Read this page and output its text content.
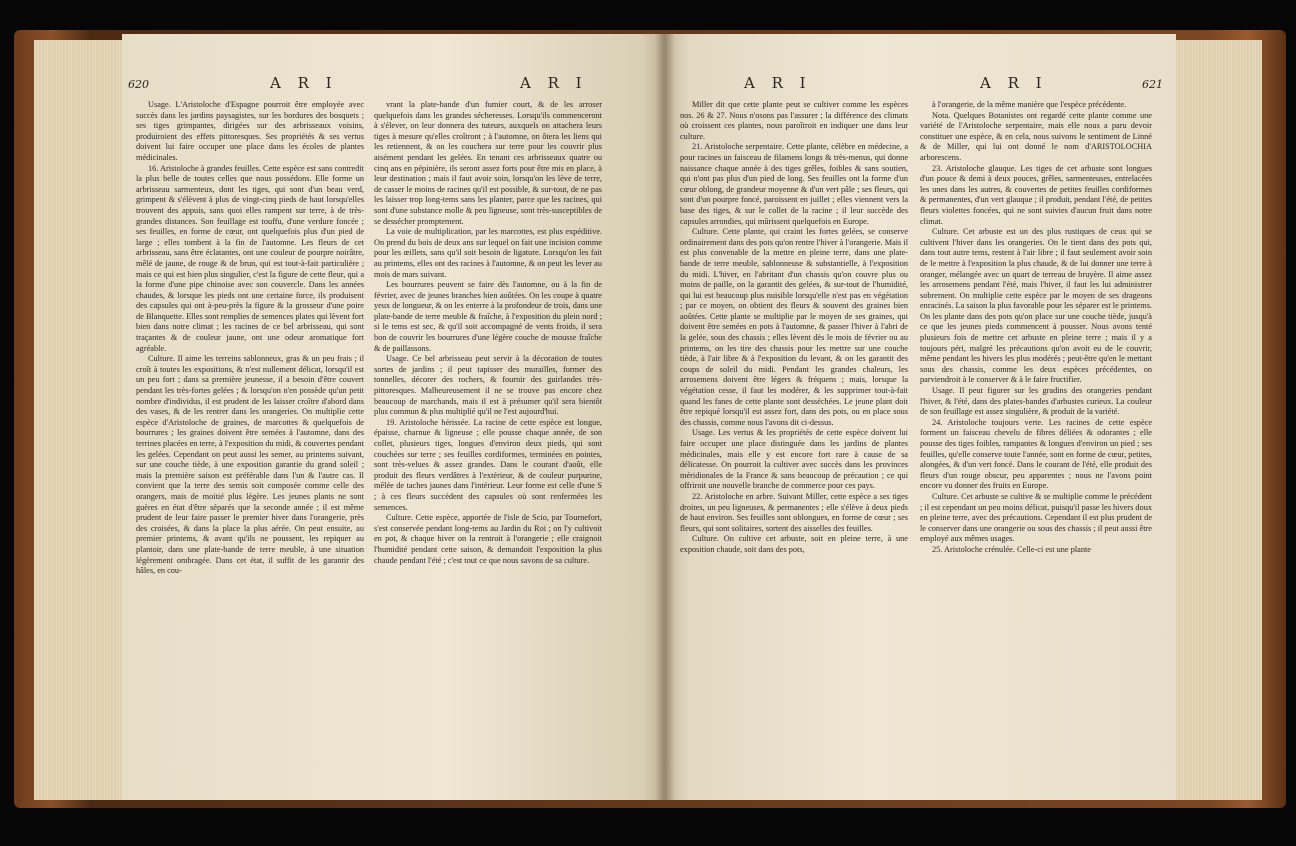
620	A R I	A R I

Usage. L'Aristoloche d'Espagne pourroit être employée avec succès dans les jardins paysagistes, sur les bordures des bosquets ; ses tiges grimpantes, dirigées sur des arbrisseaux voisins, produiroient des effets pittoresques. Ses propriétés & ses vertus doivent lui faire occuper une place dans les écoles de plantes médicinales.

16. Aristoloche à grandes feuilles. Cette espèce est sans contredit la plus belle de toutes celles que nous possédons. Elle forme un arbrisseau sarmenteux, dont les tiges, qui sont d'un beau verd, grimpent & s'élèvent à plus de vingt-cinq pieds de haut lorsqu'elles trouvent des appuis, sans quoi elles rampent sur terre, à de très-grandes distances. Son feuillage est touffu, d'une verdure foncée ; ses feuilles, en forme de cœur, ont quelquefois plus d'un pied de large ; elles tombent à la fin de l'automne. Les fleurs de cet arbrisseau, sans être éclatantes, ont une couleur de pourpre noirâtre, mêlé de jaune, de rouge & de brun, qui est tout-à-fait particulière ; mais ce qui est bien plus singulier, c'est la figure de cette fleur, qui a la forme d'une pipe chinoise avec son couvercle. Dans les années chaudes, & lorsque les pieds ont une certaine force, ils produisent des capsules qui ont à-peu-près la figure & la grosseur d'une poire de Blanquette. Elles sont remplies de semences plates qui lèvent fort bien dans notre climat ; les racines de ce bel arbrisseau, qui sont traçantes & de couleur jaune, ont une odeur aromatique fort agréable.

Culture. Il aime les terreins sablonneux, gras & un peu frais ; il croît à toutes les expositions, & n'est nullement délicat, lorsqu'il est un peu fort ; dans sa première jeunesse, il a besoin d'être couvert pendant les très-fortes gelées ; & lorsqu'on n'en possède qu'un petit nombre d'individus, il est prudent de les laisser croître d'abord dans des vases, & de les rentrer dans les orangeries. On multiplie cette espèce d'Aristoloche de graines, de marcottes & quelquefois de bourrures ; les graines doivent être semées à l'automne, dans des terrines placées en terre, à l'exposition du midi, & couvertes pendant les gelées. Cependant on peut aussi les semer, au printems suivant, sur une couche tiède, à une exposition garantie du grand soleil ; mais la première saison est préférable dans l'un & l'autre cas. Il convient que la terre des semis soit composée comme celle des orangers, mais de moitié plus légère. Les jeunes plants ne sont guères en état d'être séparés que la seconde année ; il est même prudent de leur faire passer le premier hiver dans l'orangerie, près des croisées, & dans la place la plus aérée. On peut ensuite, au premier printems, & avant qu'ils ne poussent, les repiquer au plantoir, dans une plate-bande de terre meuble, à une situation légèrement ombragée. Dans cet état, il suffit de les garantir des hâles, en cou-

vrant la plate-bande d'un fumier court, & de les arroser quelquefois dans les grandes sécheresses. Lorsqu'ils commenceront à s'élever, on leur donnera des tuteurs, auxquels on attachera leurs tiges à mesure qu'elles croîtront ; à l'automne, on ôtera les liens qui les retiennent, & on les couchera sur terre pour les couvrir plus aisément pendant les gelées. En tenant ces arbrisseaux quatre ou cinq ans en pépinière, ils seront assez forts pour être mis en place, à leur destination ; mais il faut avoir soin, lorsqu'on les lève de terre, de casser le moins de racines qu'il est possible, & sur-tout, de ne pas les laisser trop long-tems sans les planter, parce que les racines, qui sont d'une substance molle & peu ligneuse, sont très-susceptibles de se dessécher promptement.

La voie de multiplication, par les marcottes, est plus expéditive. On prend du bois de deux ans sur lequel on fait une incision comme pour les œillets, sans qu'il soit besoin de ligature. Lorsqu'on les fait au printems, elles ont des racines à l'automne, & on peut les lever au mois de mars suivant.

Les bourrures peuvent se faire dès l'automne, ou à la fin de février, avec de jeunes branches bien aoûtées. On les coupe à quatre yeux de longueur, & on les enterre à la profondeur de trois, dans une plate-bande de terre meuble & fraîche, à l'exposition du plein nord ; si le tems est sec, & qu'il soit accompagné de vents froids, il sera bon de couvrir les bourrures d'une légère couche de mousse fraîche & de paillassons.

Usage. Ce bel arbrisseau peut servir à la décoration de toutes sortes de jardins ; il peut tapisser des murailles, former des tonnelles, décorer des rochers, & fournir des guirlandes très-pittoresques. Malheureusement il ne se trouve pas encore chez beaucoup de marchands, mais il est à présumer qu'il sera bientôt plus commun & plus multiplié qu'il ne l'est aujourd'hui.

19. Aristoloche hérissée. La racine de cette espèce est longue, épaisse, charnue & ligneuse ; elle pousse chaque année, de son collet, plusieurs tiges, longues d'environ deux pieds, qui sont couchées sur terre ; ses feuilles cordiformes, terminées en pointes, sont très-velues & assez grandes. Dans le courant d'août, elle produit des fleurs verdâtres à l'extérieur, & de couleur purpurine, mêlée de taches jaunes dans l'intérieur. Leur forme est celle d'une S ; à ces fleurs succèdent des capsules où sont renfermées les semences.

Culture. Cette espèce, apportée de l'isle de Scio, par Tournefort, s'est conservée pendant long-tems au Jardin du Roi ; on l'y cultivoit en pot, & chaque hiver on la rentroit à l'orangerie ; elle craignoit l'humidité pendant cette saison, & demandoit l'exposition la plus chaude pendant l'été ; c'est tout ce que nous savons de sa culture.

A R I	A R I	621

Miller dit que cette plante peut se cultiver comme les espèces nos. 26 & 27. Nous n'osons pas l'assurer ; la différence des climats où croissent ces plantes, nous paroîtroit en indiquer une dans leur culture.

21. Aristoloche serpentaire. Cette plante, célèbre en médecine, a pour racines un faisceau de filamens longs & très-menus, qui donne naissance chaque année à des tiges grêles, foibles & sans soutien, qui n'ont pas plus d'un pied de long. Ses feuilles ont la forme d'un cœur oblong, de grandeur moyenne & d'un vert pâle ; ses fleurs, qui sont d'un pourpre foncé, paroissent en juillet ; elles viennent vers la base des tiges, & sur le collet de la racine ; il leur succède des capsules arrondies, qui mûrissent quelquefois en Europe.

Culture. Cette plante, qui craint les fortes gelées, se conserve ordinairement dans des pots qu'on rentre l'hiver à l'orangerie. Mais il est plus convenable de la mettre en pleine terre, dans une plate-bande de terre meuble, sablonneuse & substantielle, à l'exposition du midi. L'hiver, en l'abritant d'un chassis qu'on couvre plus ou moins de paille, on la garantit des gelées, & sur-tout de l'humidité, qui lui est beaucoup plus nuisible lorsqu'elle n'est pas en végétation ; par ce moyen, on obtient des fleurs & souvent des graines bien aoûtées. Cette plante se multiplie par le moyen de ses graines, qui doivent être semées en pots à l'automne, & passer l'hiver à l'abri de la gelée, sous des chassis ; elles lèvent dès le mois de février ou au printems, on les tire des chassis pour les mettre sur une couche tiède, à l'air libre & à l'exposition du levant, & on les garantit des coups de soleil du midi. Pendant les grandes chaleurs, les arrosemens doivent être légers & fréquens ; mais, lorsque la végétation cesse, il faut les modérer, & les supprimer tout-à-fait quand les fanes de cette plante sont desséchées. Le jeune plant doit être repiqué lorsqu'il est assez fort, dans des pots, ou en place sous des chassis, comme nous l'avons dit ci-dessus.

Usage. Les vertus & les propriétés de cette espèce doivent lui faire occuper une place distinguée dans les jardins de plantes médicinales, mais elle y est encore fort rare à cause de sa délicatesse. On pourroit la cultiver avec succès dans les provinces méridionales de la France & sans beaucoup de précaution ; ce qui offriroit une nouvelle branche de commerce pour ces pays.

22. Aristoloche en arbre. Suivant Miller, cette espèce a ses tiges droites, un peu ligneuses, & permanentes ; elle s'élève à deux pieds de haut environ. Ses feuilles sont oblongues, en forme de cœur ; ses fleurs, qui sont solitaires, sortent des aisselles des feuilles.

Culture. On cultive cet arbuste, soit en pleine terre, à une exposition chaude, soit dans des pots,

à l'orangerie, de la même manière que l'espèce précédente.

Nota. Quelques Botanistes ont regardé cette plante comme une variété de l'Aristoloche serpentaire, mais elle nous a paru devoir constituer une espèce, & en cela, nous suivons le sentiment de Linné & de Miller, qui lui ont donné le nom d'ARISTOLOCHIA arborescens.

23. Aristoloche glauque. Les tiges de cet arbuste sont longues d'un pouce & demi à deux pouces, grêles, sarmenteuses, entrelacées les unes dans les autres, & couvertes de petites feuilles cordiformes & permanentes, d'un vert glauque ; il produit, pendant l'été, de petites fleurs violettes foncées, qui ne sont suivies d'aucun fruit dans notre climat.

Culture. Cet arbuste est un des plus rustiques de ceux qui se cultivent l'hiver dans les orangeries. On le tient dans des pots qui, dans tout autre tems, restent à l'air libre ; il faut seulement avoir soin de le mettre à l'exposition la plus chaude, & de lui donner une terre à oranger, mélangée avec un quart de terreau de bruyère. Il aime assez les arrosemens pendant l'été, mais l'hiver, il faut les lui administrer sobrement. On multiplie cette espèce par le moyen de ses drageons enracinés. La saison la plus favorable pour les séparer est le printems. On les plante dans des pots qu'on place sur une couche tiède, jusqu'à ce que les jeunes pieds commencent à pousser. Nous avons tenté plusieurs fois de mettre cet arbuste en pleine terre ; mais il y a toujours péri, malgré les précautions qu'on avoit eu de le couvrir, même pendant les hivers les plus modérés ; peut-être qu'en le mettant sous des chassis, comme les deux espèces précédentes, on parviendroit à le conserver & à le faire fructifier.

Usage. Il peut figurer sur les gradins des orangeries pendant l'hiver, & l'été, dans des plates-bandes d'arbustes curieux. La couleur de son feuillage est assez singulière, & produit de la variété.

24. Aristoloche toujours verte. Les racines de cette espèce forment un faisceau chevelu de fibres déliées & odorantes ; elle pousse des tiges foibles, rampantes & longues d'environ un pied ; ses feuilles, qu'elle conserve toute l'année, sont en forme de cœur, petites, alongées, & d'un vert foncé. Dans le courant de l'été, elle produit des fleurs d'un rouge obscur, peu apparentes ; nous ne l'avons point encore vu donner des fruits en Europe.

Culture. Cet arbuste se cultive & se multiplie comme le précédent ; il est cependant un peu moins délicat, puisqu'il passe les hivers doux en pleine terre, avec des précautions. Cependant il est plus prudent de le conserver dans une orangerie ou sous des chassis ; il peut aussi être employé aux mêmes usages.

25. Aristoloche crénulée. Celle-ci est une plante
